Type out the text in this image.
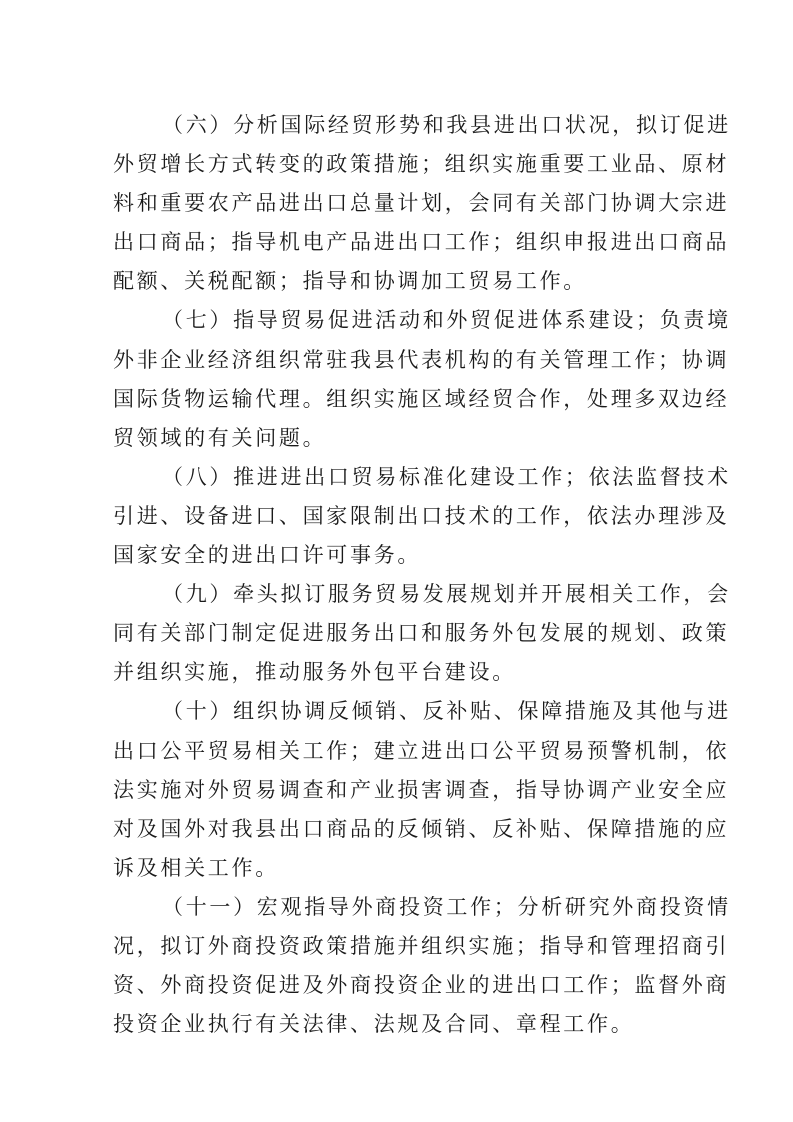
（六）分析国际经贸形势和我县进出口状况，拟订促进
外贸增长方式转变的政策措施；组织实施重要工业品、原材
料和重要农产品进出口总量计划，会同有关部门协调大宗进
出口商品；指导机电产品进出口工作；组织申报进出口商品
配额、关税配额；指导和协调加工贸易工作。
（七）指导贸易促进活动和外贸促进体系建设；负责境
外非企业经济组织常驻我县代表机构的有关管理工作；协调
国际货物运输代理。组织实施区域经贸合作，处理多双边经
贸领域的有关问题。
（八）推进进出口贸易标准化建设工作；依法监督技术
引进、设备进口、国家限制出口技术的工作，依法办理涉及
国家安全的进出口许可事务。
（九）牵头拟订服务贸易发展规划并开展相关工作，会
同有关部门制定促进服务出口和服务外包发展的规划、政策
并组织实施，推动服务外包平台建设。
（十）组织协调反倾销、反补贴、保障措施及其他与进
出口公平贸易相关工作；建立进出口公平贸易预警机制，依
法实施对外贸易调查和产业损害调查，指导协调产业安全应
对及国外对我县出口商品的反倾销、反补贴、保障措施的应
诉及相关工作。
（十一）宏观指导外商投资工作；分析研究外商投资情
况，拟订外商投资政策措施并组织实施；指导和管理招商引
资、外商投资促进及外商投资企业的进出口工作；监督外商
投资企业执行有关法律、法规及合同、章程工作。
